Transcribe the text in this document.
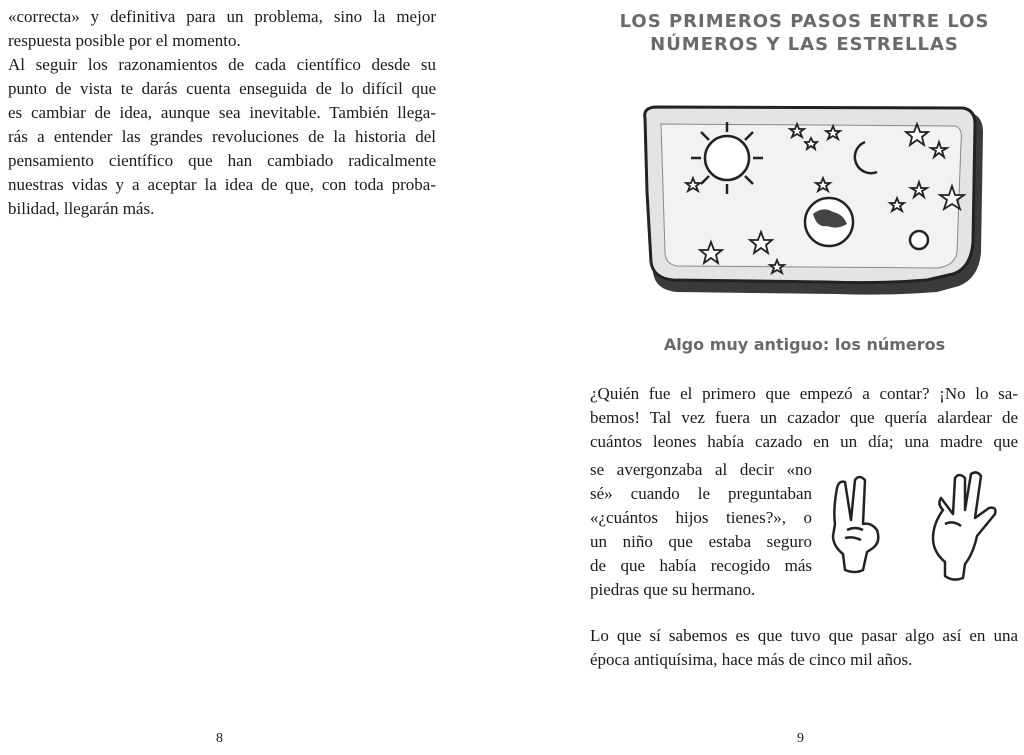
«correcta» y definitiva para un problema, sino la mejor

respuesta posible por el momento.

Al seguir los razonamientos de cada científico desde su

punto de vista te darás cuenta enseguida de lo difícil que

es cambiar de idea, aunque sea inevitable. También llega-

rás a entender las grandes revoluciones de la historia del

pensamiento científico que han cambiado radicalmente

nuestras vidas y a aceptar la idea de que, con toda proba-

bilidad, llegarán más.

8
LOS PRIMEROS PASOS ENTRE LOS
NÚMEROS Y LAS ESTRELLAS
Algo muy antiguo: los números

¿Quién fue el primero que empezó a contar? ¡No lo sa-

bemos! Tal vez fuera un cazador que quería alardear de

cuántos leones había cazado en un día; una madre que

se avergonzaba al decir «no

sé» cuando le preguntaban

«¿cuántos hijos tienes?», o

un niño que estaba seguro

de que había recogido más

piedras que su hermano.

Lo que sí sabemos es que tuvo que pasar algo así en una

época antiquísima, hace más de cinco mil años.

9
